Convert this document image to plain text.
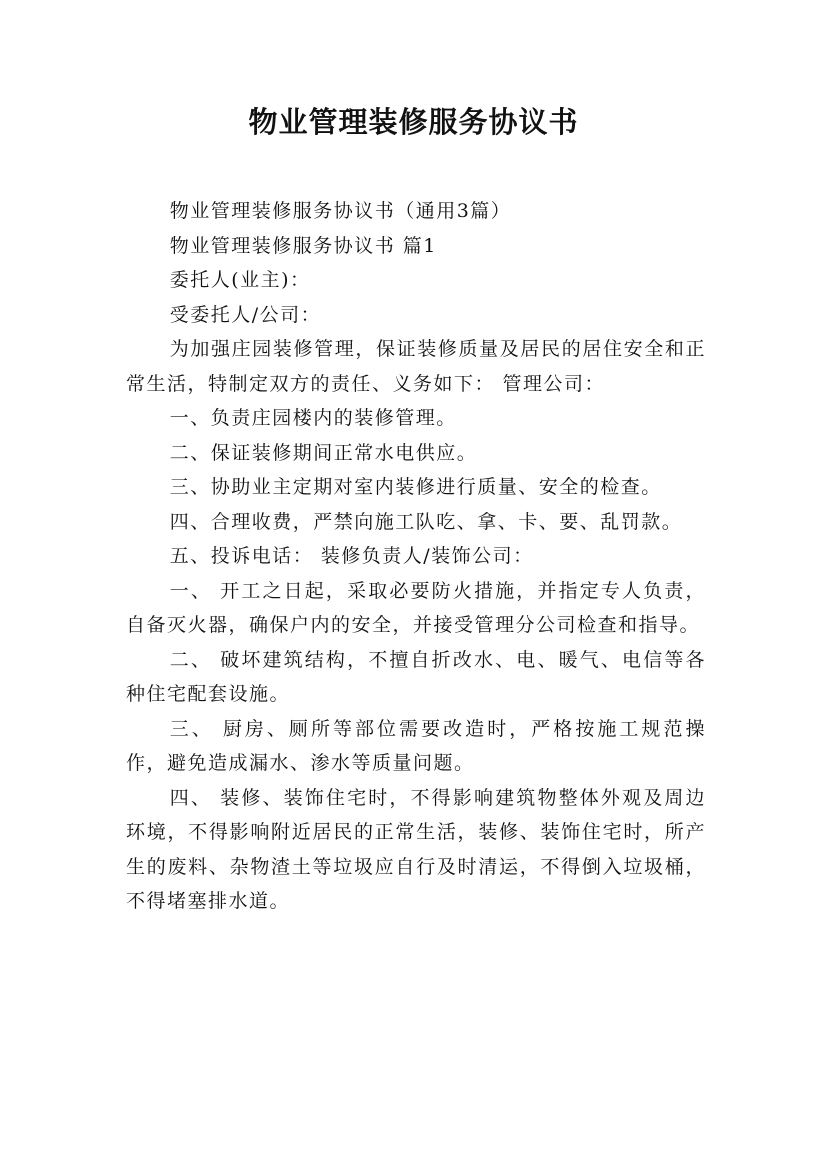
物业管理装修服务协议书

物业管理装修服务协议书（通用3篇）

物业管理装修服务协议书 篇1

委托人(业主)：

受委托人/公司：

为加强庄园装修管理，保证装修质量及居民的居住安全和正常生活，特制定双方的责任、义务如下： 管理公司：

一、负责庄园楼内的装修管理。

二、保证装修期间正常水电供应。

三、协助业主定期对室内装修进行质量、安全的检查。

四、合理收费，严禁向施工队吃、拿、卡、要、乱罚款。

五、投诉电话： 装修负责人/装饰公司：

一、 开工之日起，采取必要防火措施，并指定专人负责，自备灭火器，确保户内的安全，并接受管理分公司检查和指导。

二、 破坏建筑结构，不擅自折改水、电、暖气、电信等各种住宅配套设施。

三、 厨房、厕所等部位需要改造时，严格按施工规范操作，避免造成漏水、渗水等质量问题。

四、 装修、装饰住宅时，不得影响建筑物整体外观及周边环境，不得影响附近居民的正常生活，装修、装饰住宅时，所产生的废料、杂物渣土等垃圾应自行及时清运，不得倒入垃圾桶，不得堵塞排水道。
